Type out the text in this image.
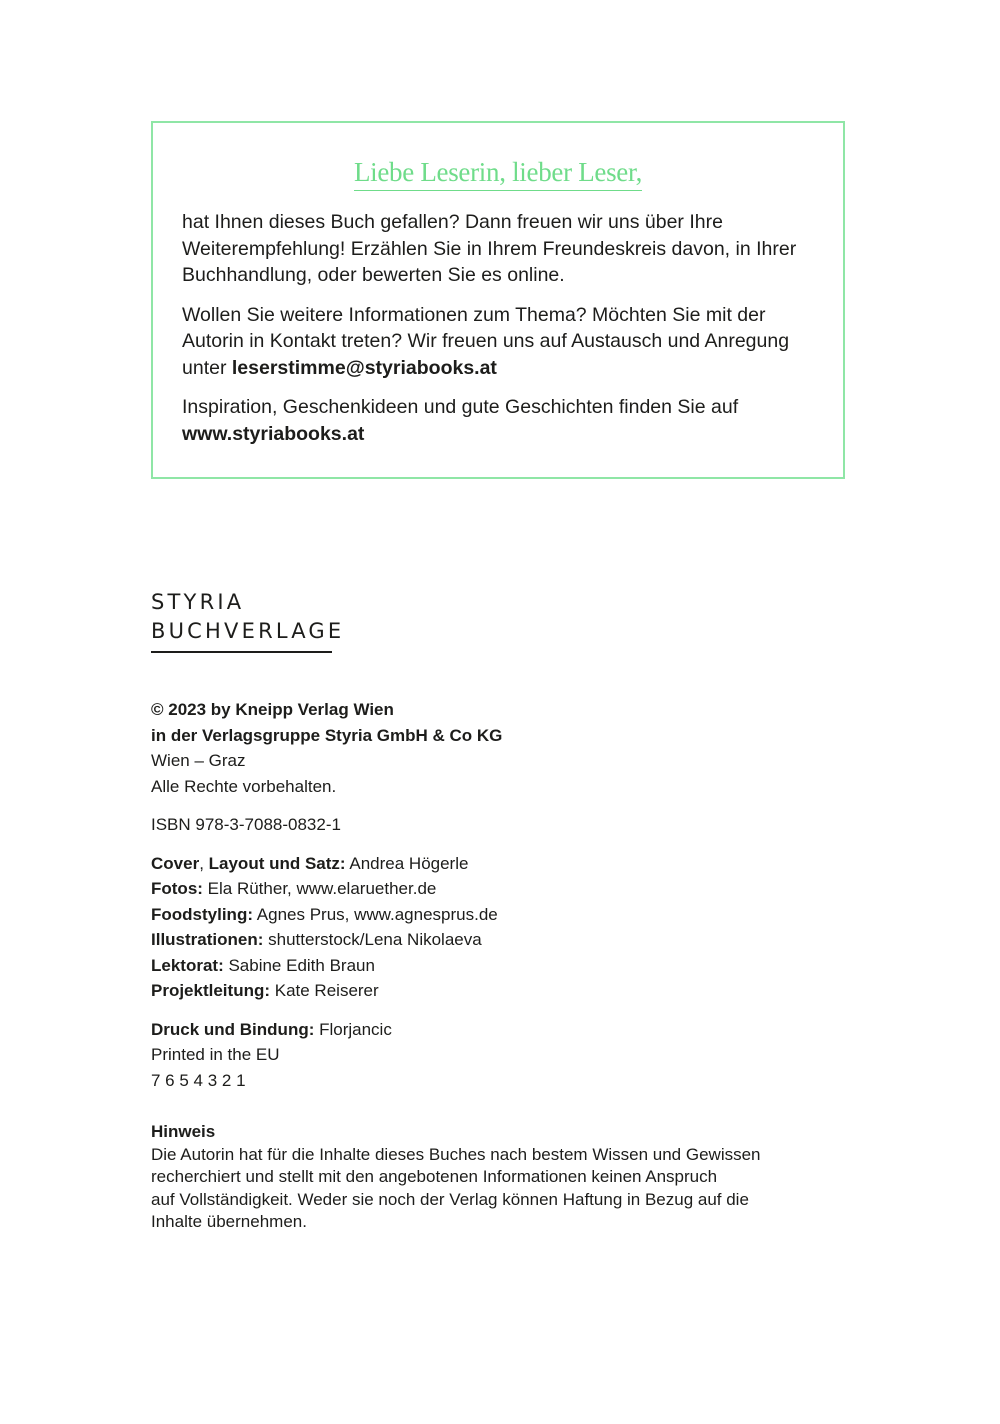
Liebe Leserin, lieber Leser,

hat Ihnen dieses Buch gefallen? Dann freuen wir uns über Ihre Weiterempfehlung! Erzählen Sie in Ihrem Freundeskreis davon, in Ihrer Buchhandlung, oder bewerten Sie es online.

Wollen Sie weitere Informationen zum Thema? Möchten Sie mit der Autorin in Kontakt treten? Wir freuen uns auf Austausch und Anregung unter leserstimme@styriabooks.at

Inspiration, Geschenkideen und gute Geschichten finden Sie auf
www.styriabooks.at

STYRIA
BUCHVERLAGE
© 2023 by Kneipp Verlag Wien
in der Verlagsgruppe Styria GmbH & Co KG
Wien – Graz
Alle Rechte vorbehalten.
ISBN 978-3-7088-0832-1
Cover, Layout und Satz: Andrea Högerle
Fotos: Ela Rüther, www.elaruether.de
Foodstyling: Agnes Prus, www.agnesprus.de
Illustrationen: shutterstock/Lena Nikolaeva
Lektorat: Sabine Edith Braun
Projektleitung: Kate Reiserer
Druck und Bindung: Florjancic
Printed in the EU
7 6 5 4 3 2 1
Hinweis
Die Autorin hat für die Inhalte dieses Buches nach bestem Wissen und Gewissen
recherchiert und stellt mit den angebotenen Informationen keinen Anspruch
auf Vollständigkeit. Weder sie noch der Verlag können Haftung in Bezug auf die
Inhalte übernehmen.
